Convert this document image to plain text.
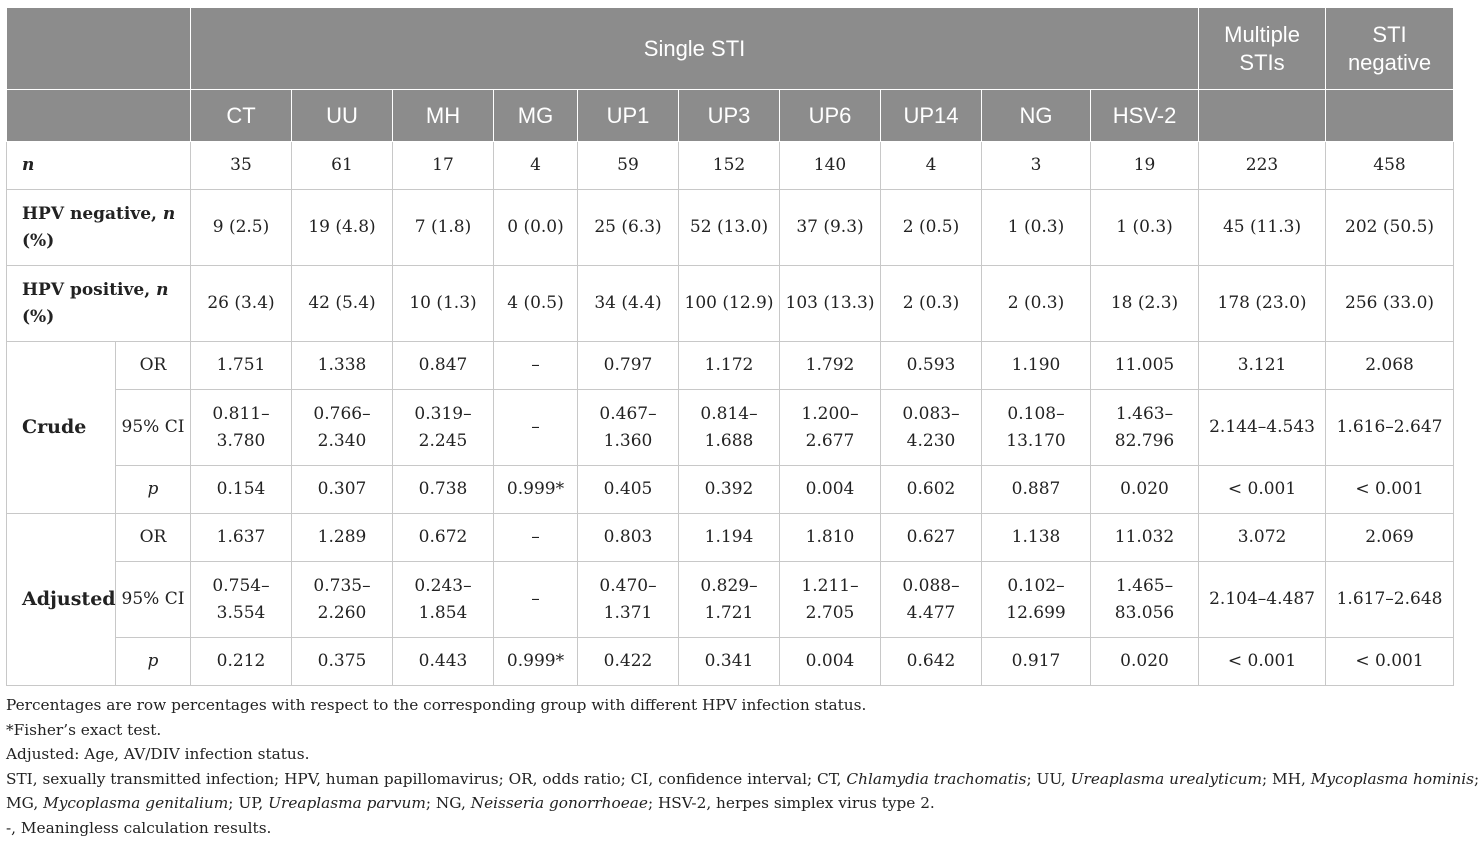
		Single STI										Multiple STIs	STI negative
		CT	UU	MH	MG	UP1	UP3	UP6	UP14	NG	HSV-2		
n		35	61	17	4	59	152	140	4	3	19	223	458
HPV negative, n
(%)		9 (2.5)	19 (4.8)	7 (1.8)	0 (0.0)	25 (6.3)	52 (13.0)	37 (9.3)	2 (0.5)	1 (0.3)	1 (0.3)	45 (11.3)	202 (50.5)
HPV positive, n
(%)		26 (3.4)	42 (5.4)	10 (1.3)	4 (0.5)	34 (4.4)	100 (12.9)	103 (13.3)	2 (0.3)	2 (0.3)	18 (2.3)	178 (23.0)	256 (33.0)
Crude	OR	1.751	1.338	0.847	–	0.797	1.172	1.792	0.593	1.190	11.005	3.121	2.068
	95% CI	0.811–3.780	0.766–2.340	0.319–2.245	–	0.467–1.360	0.814–1.688	1.200–2.677	0.083–4.230	0.108–13.170	1.463–82.796	2.144–4.543	1.616–2.647
	p	0.154	0.307	0.738	0.999*	0.405	0.392	0.004	0.602	0.887	0.020	< 0.001	< 0.001
Adjusted	OR	1.637	1.289	0.672	–	0.803	1.194	1.810	0.627	1.138	11.032	3.072	2.069
	95% CI	0.754–3.554	0.735–2.260	0.243–1.854	–	0.470–1.371	0.829–1.721	1.211–2.705	0.088–4.477	0.102–12.699	1.465–83.056	2.104–4.487	1.617–2.648
	p	0.212	0.375	0.443	0.999*	0.422	0.341	0.004	0.642	0.917	0.020	< 0.001	< 0.001

Percentages are row percentages with respect to the corresponding group with different HPV infection status.

*Fisher’s exact test.

Adjusted: Age, AV/DIV infection status.

STI, sexually transmitted infection; HPV, human papillomavirus; OR, odds ratio; CI, confidence interval; CT, Chlamydia trachomatis; UU, Ureaplasma urealyticum; MH, Mycoplasma hominis;

MG, Mycoplasma genitalium; UP, Ureaplasma parvum; NG, Neisseria gonorrhoeae; HSV-2, herpes simplex virus type 2.

-, Meaningless calculation results.
